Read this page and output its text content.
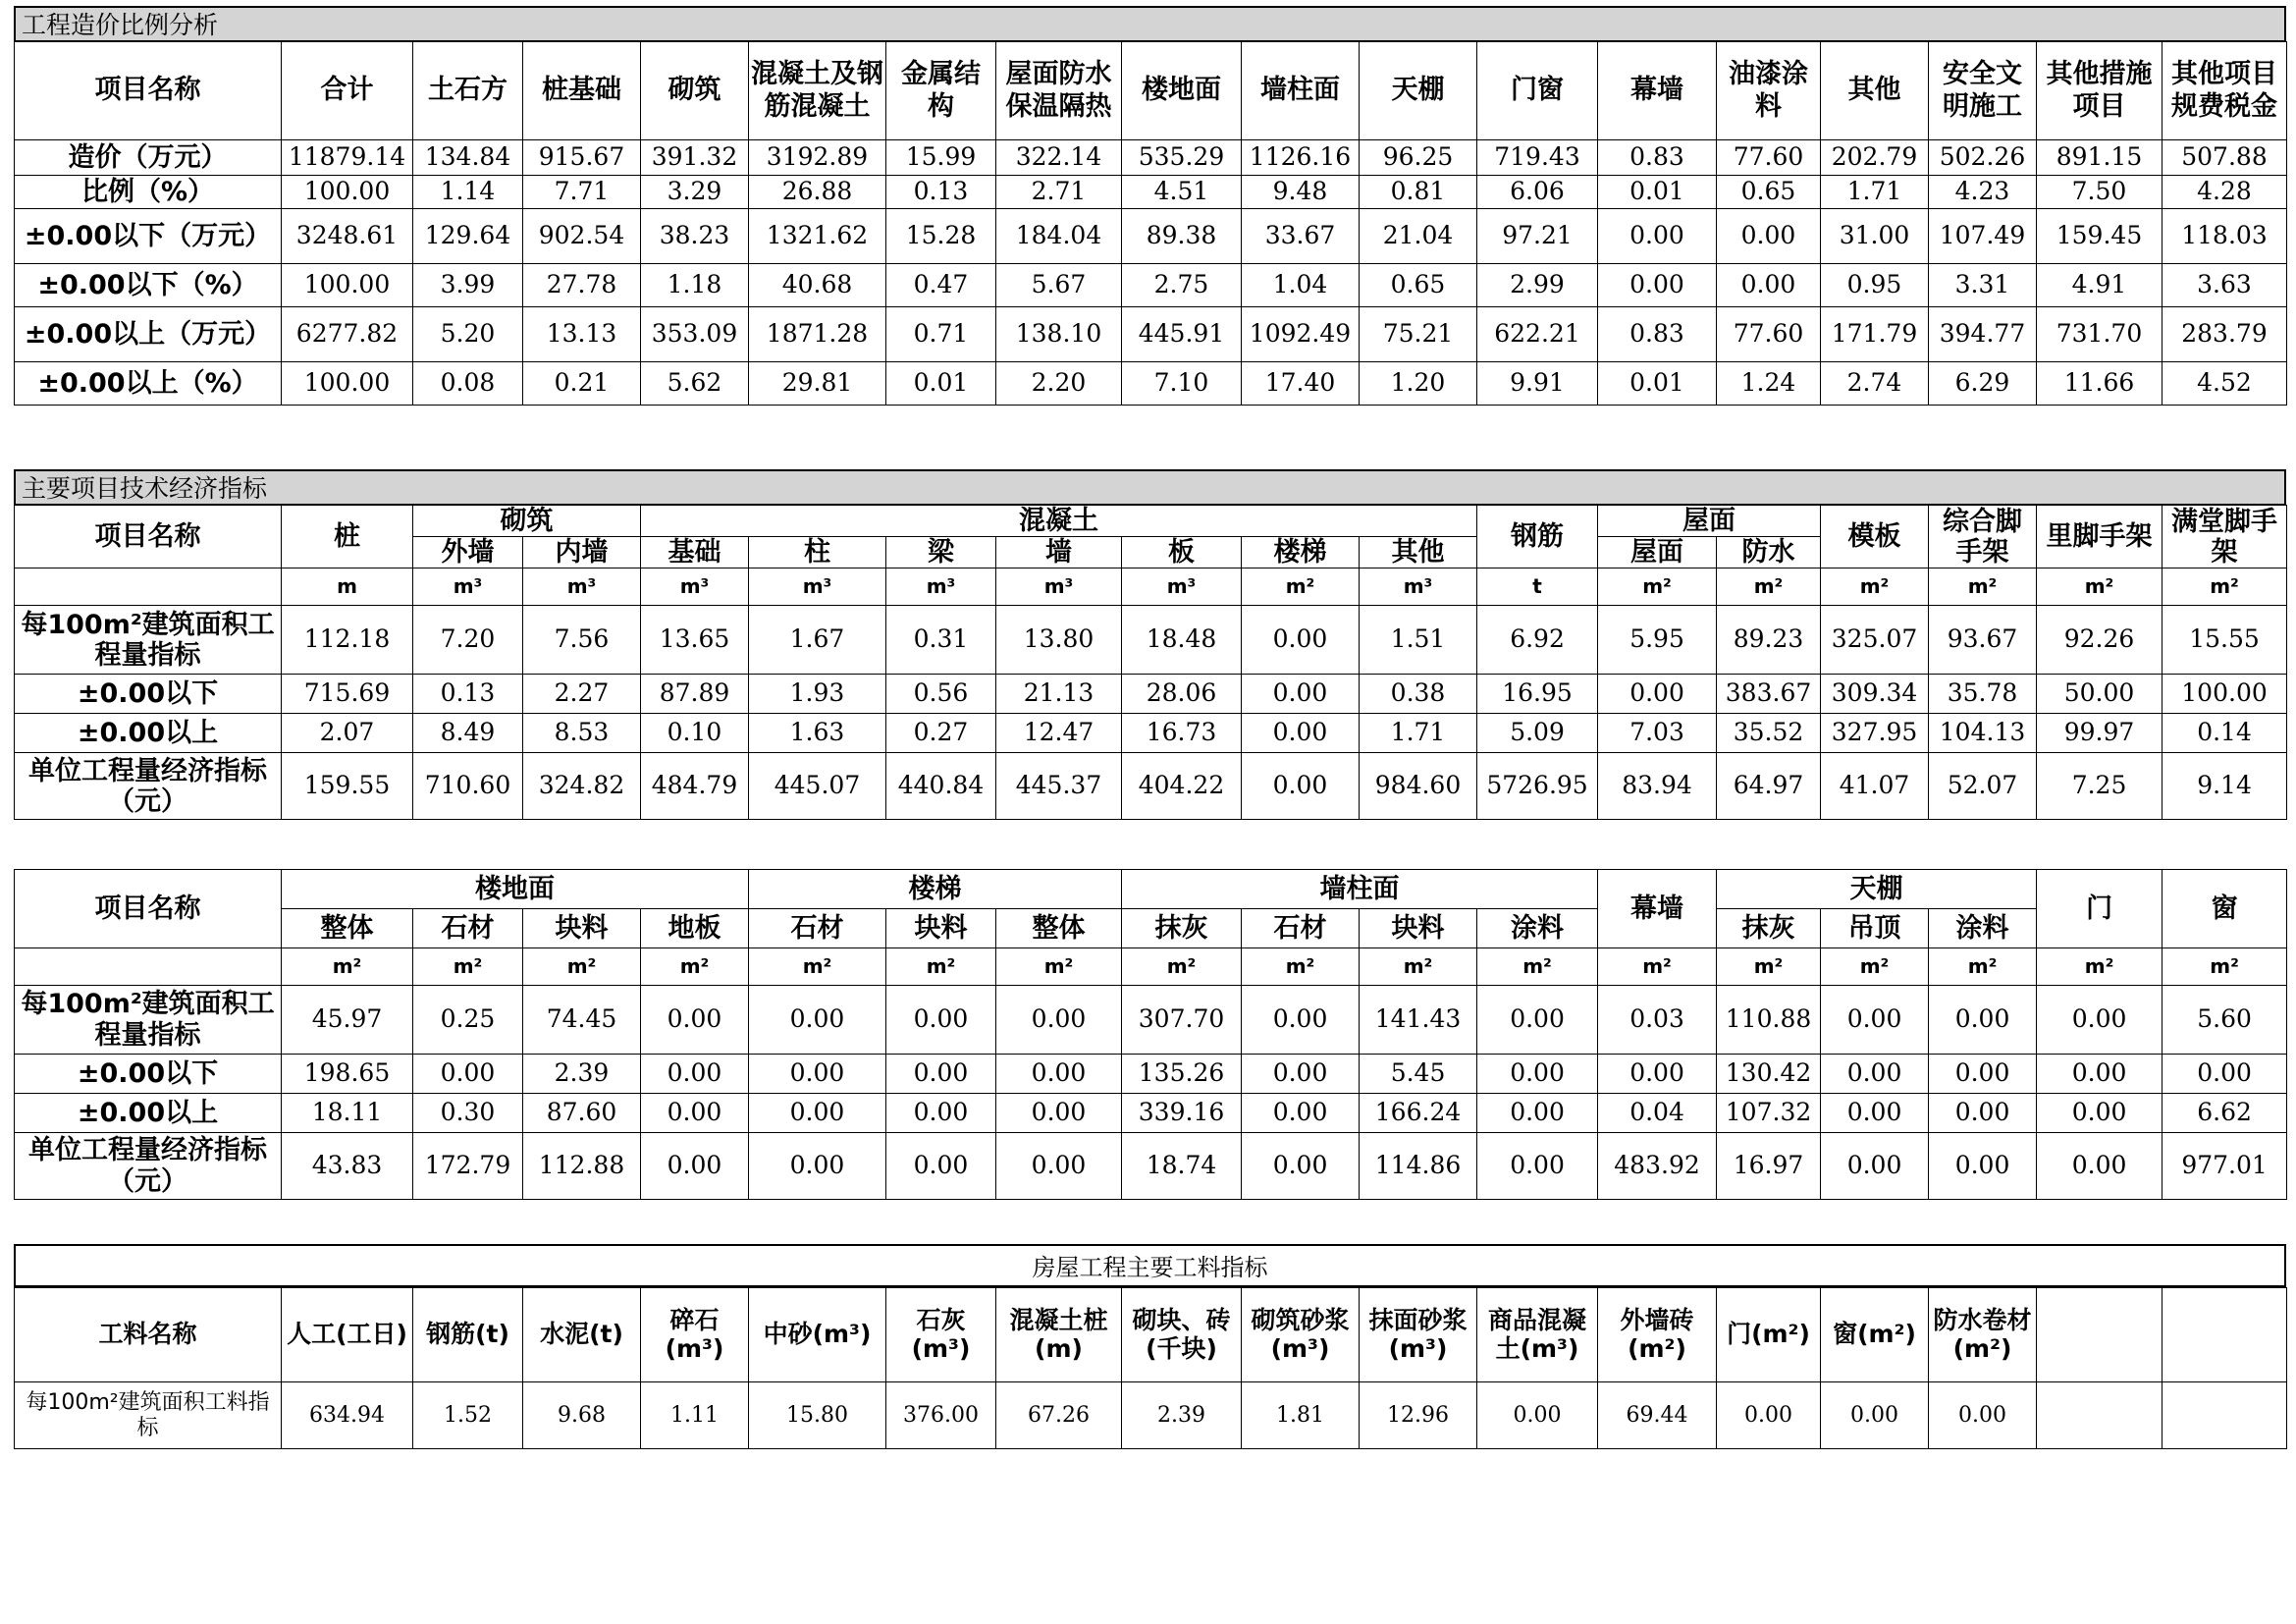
工程造价比例分析
项目名称	合计	土石方	桩基础	砌筑	混凝土及钢筋混凝土	金属结构	屋面防水保温隔热	楼地面	墙柱面	天棚	门窗	幕墙	油漆涂料	其他	安全文明施工	其他措施项目	其他项目规费税金
造价（万元）	11879.14	134.84	915.67	391.32	3192.89	15.99	322.14	535.29	1126.16	96.25	719.43	0.83	77.60	202.79	502.26	891.15	507.88
比例（%）	100.00	1.14	7.71	3.29	26.88	0.13	2.71	4.51	9.48	0.81	6.06	0.01	0.65	1.71	4.23	7.50	4.28
±0.00以下（万元）	3248.61	129.64	902.54	38.23	1321.62	15.28	184.04	89.38	33.67	21.04	97.21	0.00	0.00	31.00	107.49	159.45	118.03
±0.00以下（%）	100.00	3.99	27.78	1.18	40.68	0.47	5.67	2.75	1.04	0.65	2.99	0.00	0.00	0.95	3.31	4.91	3.63
±0.00以上（万元）	6277.82	5.20	13.13	353.09	1871.28	0.71	138.10	445.91	1092.49	75.21	622.21	0.83	77.60	171.79	394.77	731.70	283.79
±0.00以上（%）	100.00	0.08	0.21	5.62	29.81	0.01	2.20	7.10	17.40	1.20	9.91	0.01	1.24	2.74	6.29	11.66	4.52

主要项目技术经济指标
项目名称	桩	砌筑		混凝土							钢筋	屋面		模板	综合脚手架	里脚手架	满堂脚手架
		外墙	内墙	基础	柱	梁	墙	板	楼梯	其他		屋面	防水				
	m	m³	m³	m³	m³	m³	m³	m³	m²	m³	t	m²	m²	m²	m²	m²	m²
每100m²建筑面积工程量指标	112.18	7.20	7.56	13.65	1.67	0.31	13.80	18.48	0.00	1.51	6.92	5.95	89.23	325.07	93.67	92.26	15.55
±0.00以下	715.69	0.13	2.27	87.89	1.93	0.56	21.13	28.06	0.00	0.38	16.95	0.00	383.67	309.34	35.78	50.00	100.00
±0.00以上	2.07	8.49	8.53	0.10	1.63	0.27	12.47	16.73	0.00	1.71	5.09	7.03	35.52	327.95	104.13	99.97	0.14
单位工程量经济指标（元）	159.55	710.60	324.82	484.79	445.07	440.84	445.37	404.22	0.00	984.60	5726.95	83.94	64.97	41.07	52.07	7.25	9.14
项目名称	楼地面				楼梯			墙柱面				幕墙	天棚			门	窗
	整体	石材	块料	地板	石材	块料	整体	抹灰	石材	块料	涂料		抹灰	吊顶	涂料		
	m²	m²	m²	m²	m²	m²	m²	m²	m²	m²	m²	m²	m²	m²	m²	m²	m²
每100m²建筑面积工程量指标	45.97	0.25	74.45	0.00	0.00	0.00	0.00	307.70	0.00	141.43	0.00	0.03	110.88	0.00	0.00	0.00	5.60
±0.00以下	198.65	0.00	2.39	0.00	0.00	0.00	0.00	135.26	0.00	5.45	0.00	0.00	130.42	0.00	0.00	0.00	0.00
±0.00以上	18.11	0.30	87.60	0.00	0.00	0.00	0.00	339.16	0.00	166.24	0.00	0.04	107.32	0.00	0.00	0.00	6.62
单位工程量经济指标（元）	43.83	172.79	112.88	0.00	0.00	0.00	0.00	18.74	0.00	114.86	0.00	483.92	16.97	0.00	0.00	0.00	977.01
房屋工程主要工料指标
工料名称	人工(工日)	钢筋(t)	水泥(t)	碎石(m³)	中砂(m³)	石灰(m³)	混凝土桩(m)	砌块、砖(千块)	砌筑砂浆(m³)	抹面砂浆(m³)	商品混凝土(m³)	外墙砖(m²)	门(m²)	窗(m²)	防水卷材(m²)		
每100m²建筑面积工料指标	634.94	1.52	9.68	1.11	15.80	376.00	67.26	2.39	1.81	12.96	0.00	69.44	0.00	0.00	0.00		
